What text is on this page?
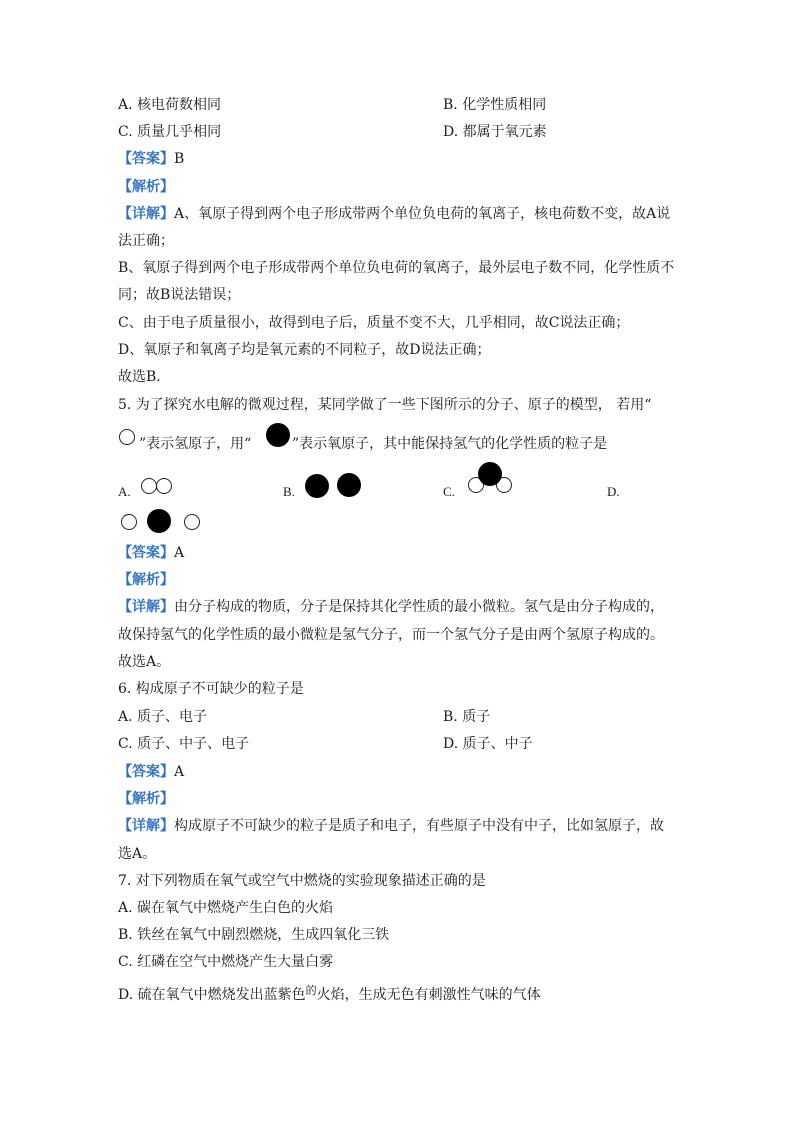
A. 核电荷数相同	B. 化学性质相同
C. 质量几乎相同	D. 都属于氧元素
【答案】B
【解析】
【详解】A、氧原子得到两个电子形成带两个单位负电荷的氧离子，核电荷数不变，故A说
法正确；
B、氧原子得到两个电子形成带两个单位负电荷的氧离子，最外层电子数不同，化学性质不
同；故B说法错误；
C、由于电子质量很小，故得到电子后，质量不变不大，几乎相同，故C说法正确；
D、氧原子和氧离子均是氧元素的不同粒子，故D说法正确；
故选B．
5. 为了探究水电解的微观过程，某同学做了一些下图所示的分子、原子的模型， 若用“
”表示氢原子，用“	”表示氧原子，其中能保持氢气的化学性质的粒子是
A.	B.	C.	D.
【答案】A
【解析】
【详解】由分子构成的物质，分子是保持其化学性质的最小微粒。氢气是由分子构成的，
故保持氢气的化学性质的最小微粒是氢气分子，而一个氢气分子是由两个氢原子构成的。
故选A。
6. 构成原子不可缺少的粒子是
A. 质子、电子	B. 质子
C. 质子、中子、电子	D. 质子、中子
【答案】A
【解析】
【详解】构成原子不可缺少的粒子是质子和电子，有些原子中没有中子，比如氢原子，故
选A。
7. 对下列物质在氧气或空气中燃烧的实验现象描述正确的是
A. 碳在氧气中燃烧产生白色的火焰
B. 铁丝在氧气中剧烈燃烧，生成四氧化三铁
C. 红磷在空气中燃烧产生大量白雾
D. 硫在氧气中燃烧发出蓝紫色$^的$火焰，生成无色有刺激性气味的气体
